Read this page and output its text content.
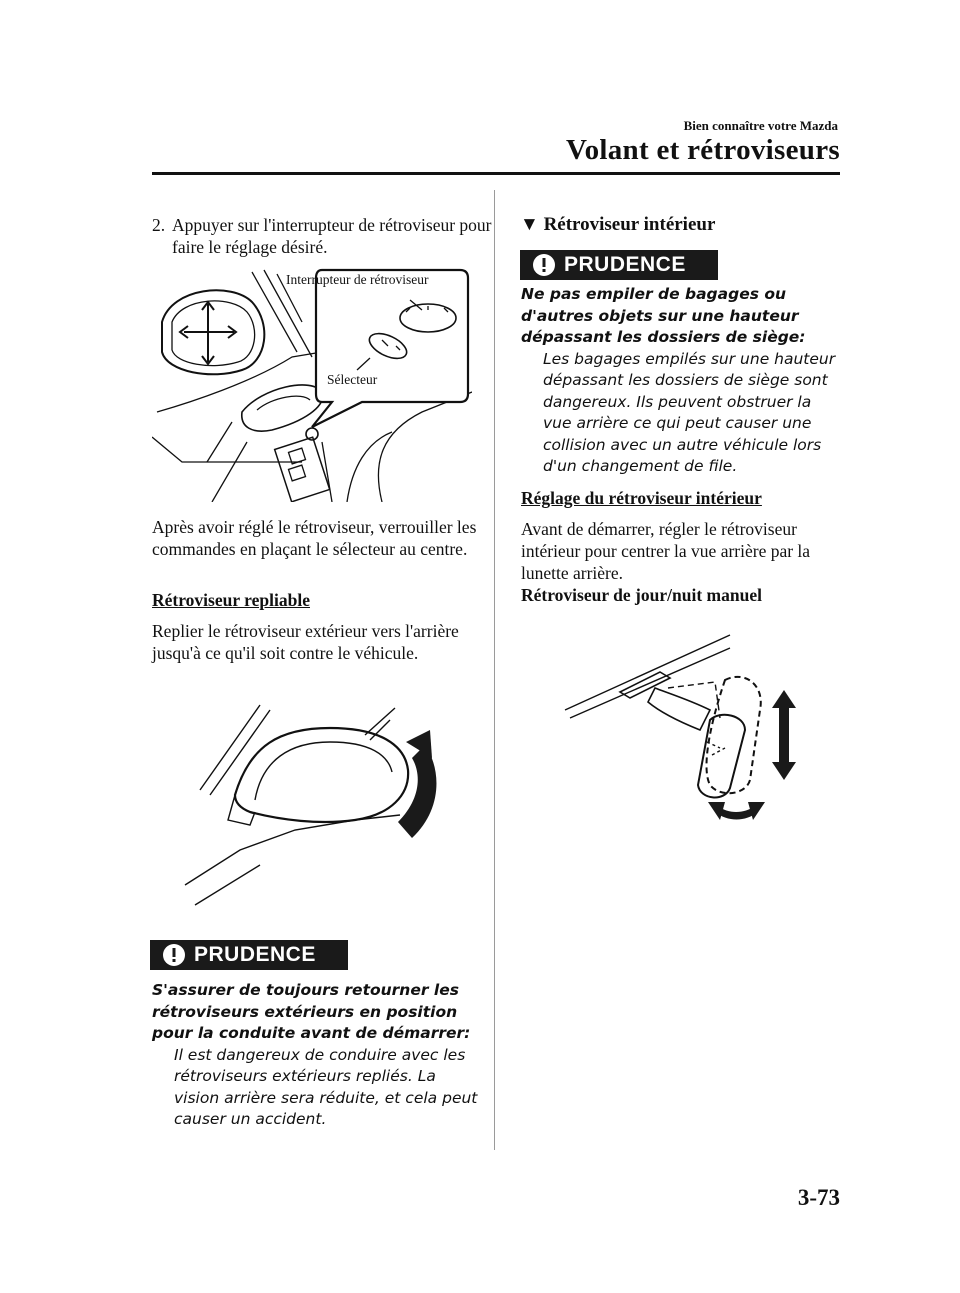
Bien connaître votre Mazda
Volant et rétroviseurs
2. Appuyer sur l'interrupteur de rétroviseur pour faire le réglage désiré.
Interrupteur de rétroviseur
Sélecteur
Après avoir réglé le rétroviseur, verrouiller les commandes en plaçant le sélecteur au centre.
Rétroviseur repliable
Replier le rétroviseur extérieur vers l'arrière jusqu'à ce qu'il soit contre le véhicule.
PRUDENCE
S'assurer de toujours retourner les rétroviseurs extérieurs en position pour la conduite avant de démarrer:
Il est dangereux de conduire avec les rétroviseurs extérieurs repliés. La vision arrière sera réduite, et cela peut causer un accident.
▼ Rétroviseur intérieur
PRUDENCE
Ne pas empiler de bagages ou d'autres objets sur une hauteur dépassant les dossiers de siège:
Les bagages empilés sur une hauteur dépassant les dossiers de siège sont dangereux. Ils peuvent obstruer la vue arrière ce qui peut causer une collision avec un autre véhicule lors d'un changement de file.
Réglage du rétroviseur intérieur
Avant de démarrer, régler le rétroviseur intérieur pour centrer la vue arrière par la lunette arrière.
Rétroviseur de jour/nuit manuel
3-73
